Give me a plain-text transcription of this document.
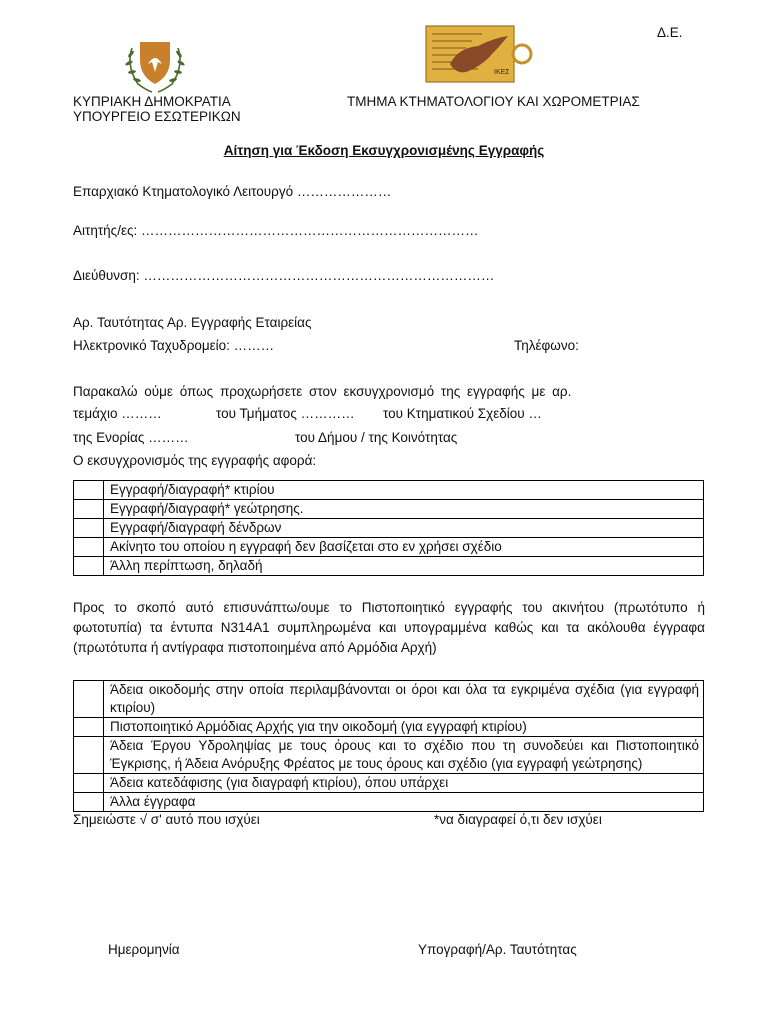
Δ.Ε.
ΙΚΕΣ
ΚΥΠΡΙΑΚΗ ΔΗΜΟΚΡΑΤΙΑ
ΥΠΟΥΡΓΕΙΟ ΕΣΩΤΕΡΙΚΩΝ
ΤΜΗΜΑ ΚΤΗΜΑΤΟΛΟΓΙΟΥ ΚΑΙ ΧΩΡΟΜΕΤΡΙΑΣ
Αίτηση για Έκδοση Εκσυγχρονισμένης Εγγραφής
Επαρχιακό Κτηματολογικό Λειτουργό …………………
Αιτητής/ες: …………………………………………………………………
Διεύθυνση: ……………………………………………………………………
Αρ. Ταυτότητας Αρ. Εγγραφής Εταιρείας
Ηλεκτρονικό Ταχυδρομείο: ………	Τηλέφωνο:
Παρακαλώ ούμε όπως προχωρήσετε στον εκσυγχρονισμό της εγγραφής με αρ.
τεμάχιο ………	του Τμήματος ………… του Κτηματικού Σχεδίου …
της Ενορίας ………	του Δήμου / της Κοινότητας
Ο εκσυγχρονισμός της εγγραφής αφορά:
	Εγγραφή/διαγραφή* κτιρίου
	Εγγραφή/διαγραφή* γεώτρησης.
	Εγγραφή/διαγραφή δένδρων
	Ακίνητο του οποίου η εγγραφή δεν βασίζεται στο εν χρήσει σχέδιο
	Άλλη περίπτωση, δηλαδή
Προς το σκοπό αυτό επισυνάπτω/ουμε το Πιστοποιητικό εγγραφής του ακινήτου (πρωτότυπο ή φωτοτυπία) τα έντυπα Ν314Α1 συμπληρωμένα και υπογραμμένα καθώς και τα ακόλουθα έγγραφα (πρωτότυπα ή αντίγραφα πιστοποιημένα από Αρμόδια Αρχή)
	Άδεια οικοδομής στην οποία περιλαμβάνονται οι όροι και όλα τα εγκριμένα σχέδια (για εγγραφή κτιρίου)
	Πιστοποιητικό Αρμόδιας Αρχής για την οικοδομή (για εγγραφή κτιρίου)
	Άδεια Έργου Υδροληψίας με τους όρους και το σχέδιο που τη συνοδεύει και Πιστοποιητικό Έγκρισης, ή Άδεια Ανόρυξης Φρέατος με τους όρους και σχέδιο (για εγγραφή γεώτρησης)
	Άδεια κατεδάφισης (για διαγραφή κτιρίου), όπου υπάρχει
	Άλλα έγγραφα
Σημειώστε √ σ' αυτό που ισχύει	*να διαγραφεί ό,τι δεν ισχύει
Ημερομηνία	Υπογραφή/Αρ. Ταυτότητας
